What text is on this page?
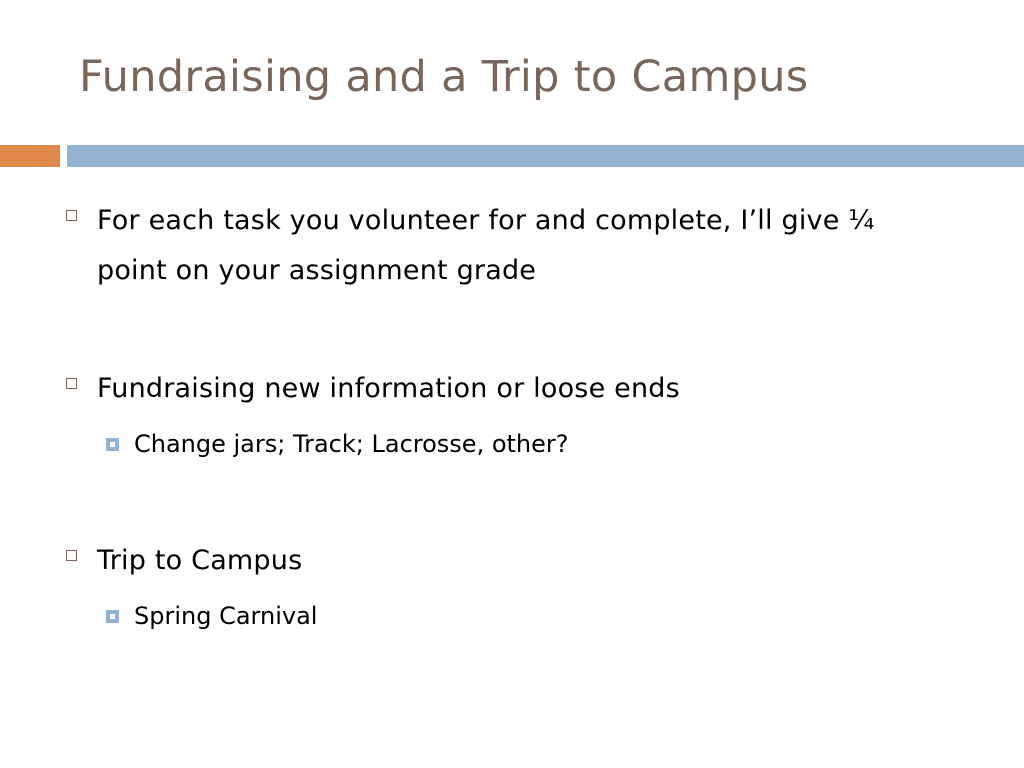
Fundraising and a Trip to Campus
For each task you volunteer for and complete, I’ll give ¼ point on your assignment grade
Fundraising new information or loose ends
Change jars; Track; Lacrosse, other?
Trip to Campus
Spring Carnival
